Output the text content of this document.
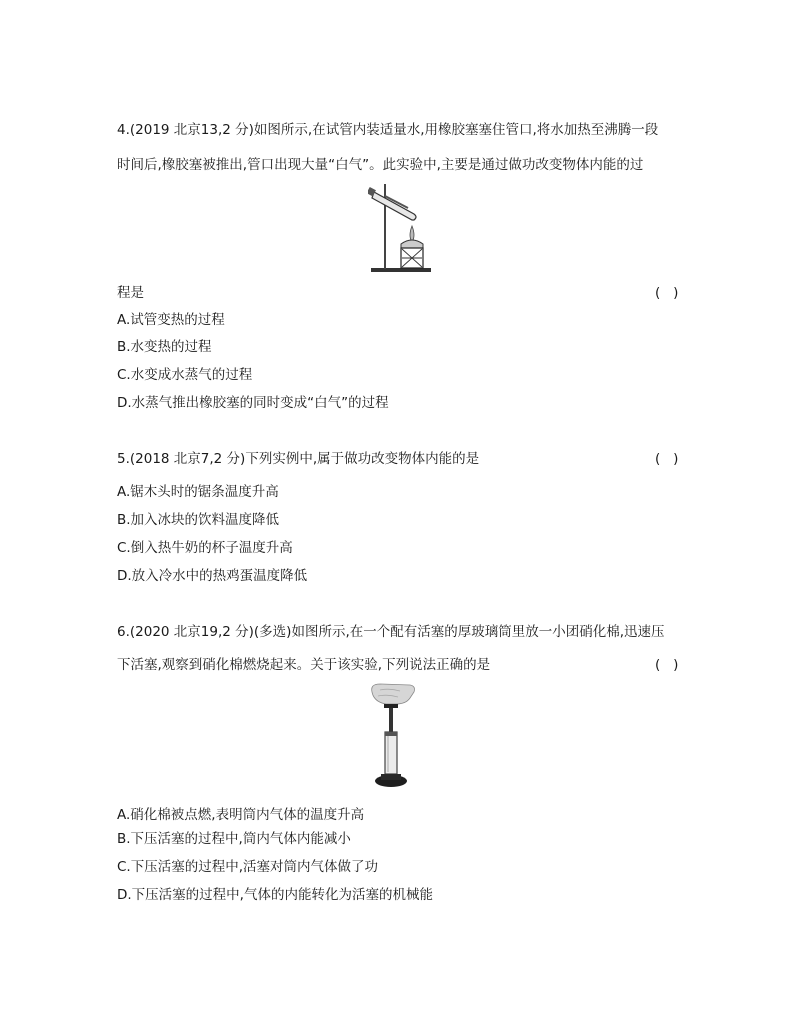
4.(2019 北京13,2 分)如图所示,在试管内装适量水,用橡胶塞塞住管口,将水加热至沸腾一段
时间后,橡胶塞被推出,管口出现大量“白气”。此实验中,主要是通过做功改变物体内能的过
程是	(   )
A.试管变热的过程
B.水变热的过程
C.水变成水蒸气的过程
D.水蒸气推出橡胶塞的同时变成“白气”的过程
5.(2018 北京7,2 分)下列实例中,属于做功改变物体内能的是	(   )
A.锯木头时的锯条温度升高
B.加入冰块的饮料温度降低
C.倒入热牛奶的杯子温度升高
D.放入冷水中的热鸡蛋温度降低
6.(2020 北京19,2 分)(多选)如图所示,在一个配有活塞的厚玻璃筒里放一小团硝化棉,迅速压
下活塞,观察到硝化棉燃烧起来。关于该实验,下列说法正确的是	(   )
A.硝化棉被点燃,表明筒内气体的温度升高
B.下压活塞的过程中,筒内气体内能减小
C.下压活塞的过程中,活塞对筒内气体做了功
D.下压活塞的过程中,气体的内能转化为活塞的机械能
